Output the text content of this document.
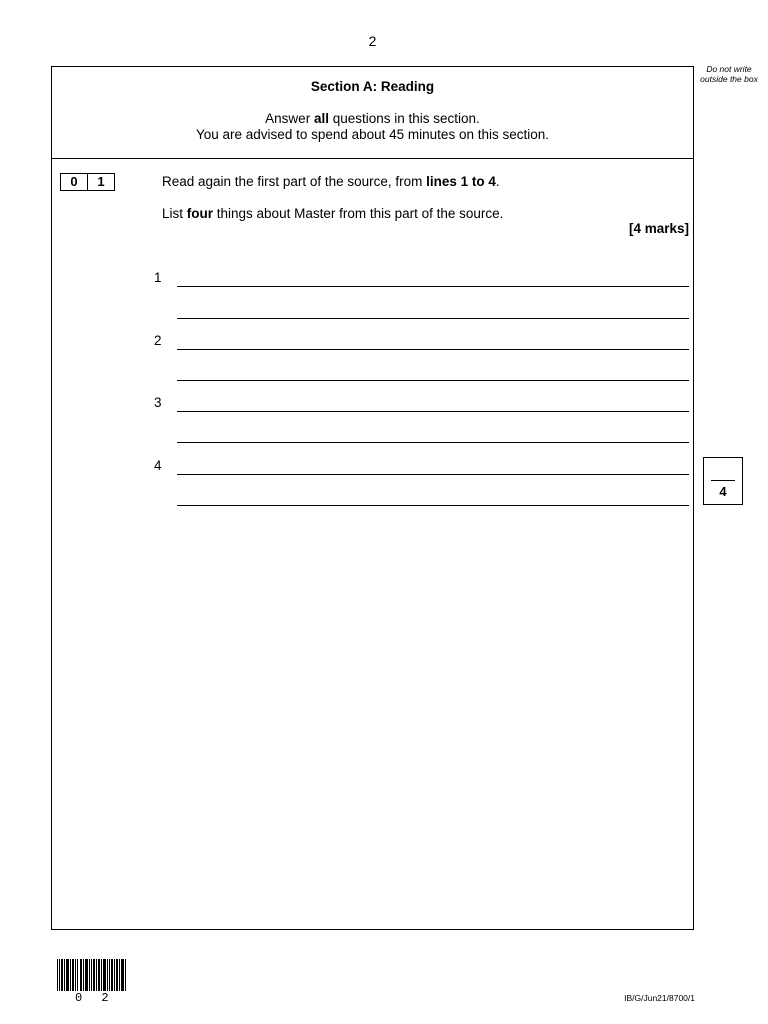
2
Do not write outside the box
Section A: Reading
Answer all questions in this section.
You are advised to spend about 45 minutes on this section.
0	1	Read again the first part of the source, from lines 1 to 4.
List four things about Master from this part of the source.
[4 marks]
1
2
3
4
4
0 2	IB/G/Jun21/8700/1
